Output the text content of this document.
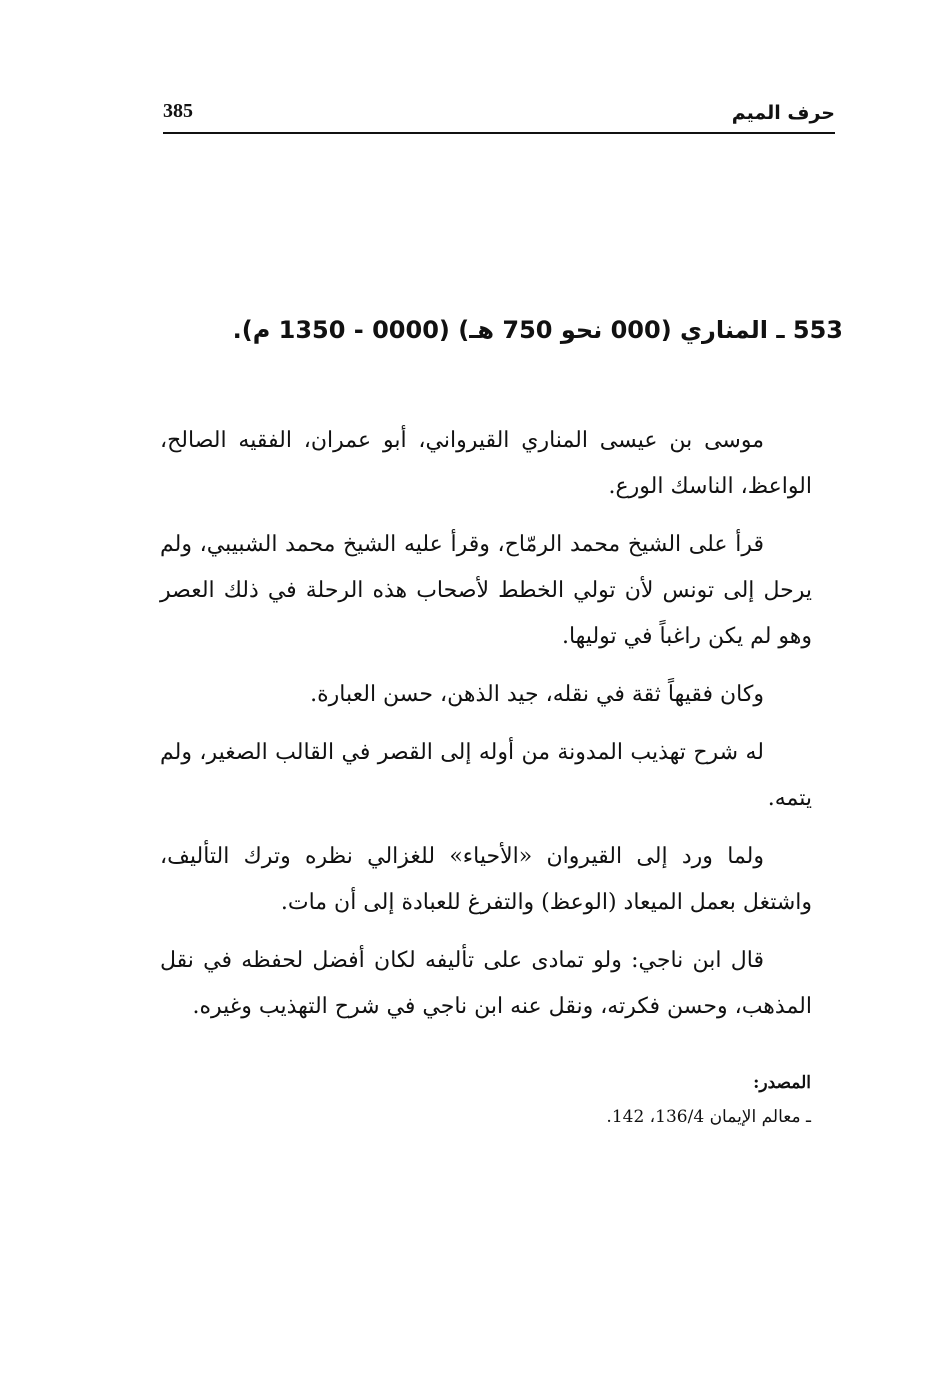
385	حرف الميم
553 ـ المناري (000 نحو 750 هـ) (0000 - 1350 م).

موسى بن عيسى المناري القيرواني، أبو عمران، الفقيه الصالح، الواعظ، الناسك الورع.

قرأ على الشيخ محمد الرمّاح، وقرأ عليه الشيخ محمد الشبيبي، ولم يرحل إلى تونس لأن تولي الخطط لأصحاب هذه الرحلة في ذلك العصر وهو لم يكن راغباً في توليها.

وكان فقيهاً ثقة في نقله، جيد الذهن، حسن العبارة.

له شرح تهذيب المدونة من أوله إلى القصر في القالب الصغير، ولم يتمه.

ولما ورد إلى القيروان «الأحياء» للغزالي نظره وترك التأليف، واشتغل بعمل الميعاد (الوعظ) والتفرغ للعبادة إلى أن مات.

قال ابن ناجي: ولو تمادى على تأليفه لكان أفضل لحفظه في نقل المذهب، وحسن فكرته، ونقل عنه ابن ناجي في شرح التهذيب وغيره.

المصدر:
ـ معالم الإيمان 136/4، 142.
